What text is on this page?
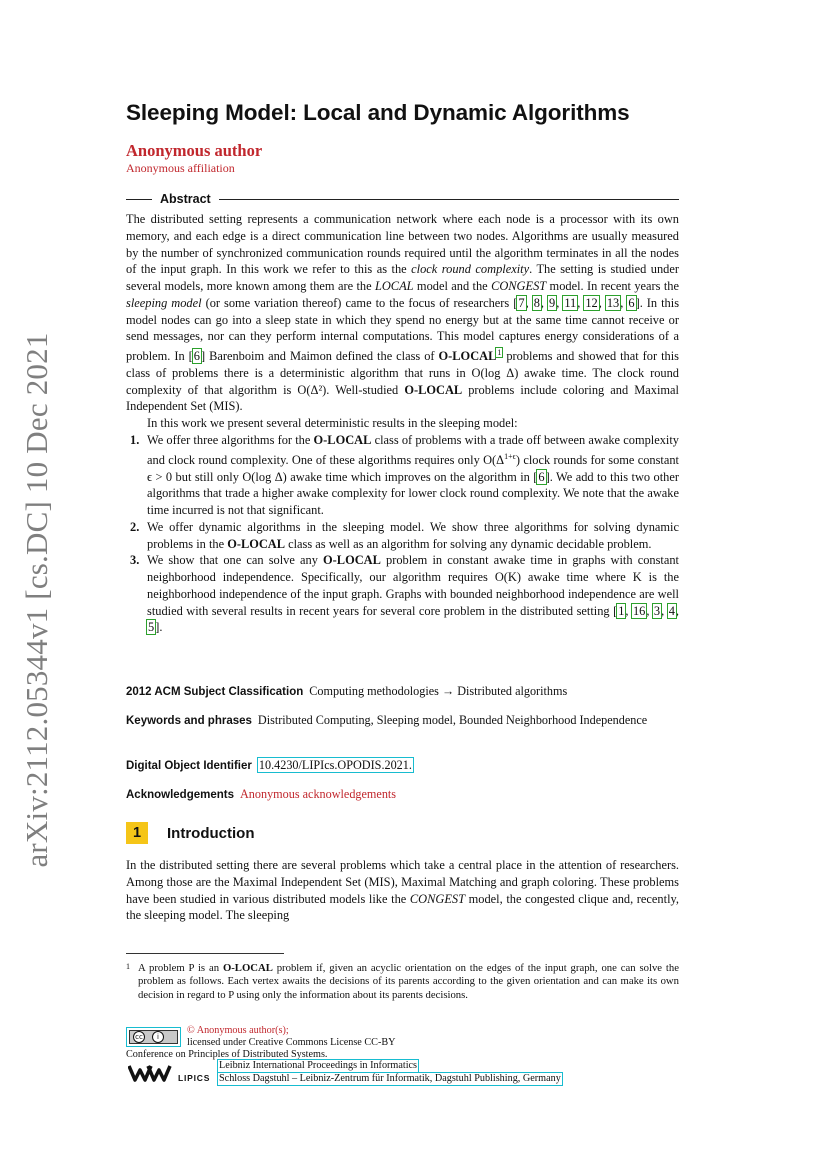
arXiv:2112.05344v1 [cs.DC] 10 Dec 2021
Sleeping Model: Local and Dynamic Algorithms
Anonymous author
Anonymous affiliation
Abstract

The distributed setting represents a communication network where each node is a processor with its own memory, and each edge is a direct communication line between two nodes. Algorithms are usually measured by the number of synchronized communication rounds required until the algorithm terminates in all the nodes of the input graph. In this work we refer to this as the clock round complexity. The setting is studied under several models, more known among them are the LOCAL model and the CONGEST model. In recent years the sleeping model (or some variation thereof) came to the focus of researchers [7, 8, 9, 11, 12, 13, 6]. In this model nodes can go into a sleep state in which they spend no energy but at the same time cannot receive or send messages, nor can they perform internal computations. This model captures energy considerations of a problem. In [6] Barenboim and Maimon defined the class of O-LOCAL$^1$ problems and showed that for this class of problems there is a deterministic algorithm that runs in O(log Δ) awake time. The clock round complexity of that algorithm is O(Δ²). Well-studied O-LOCAL problems include coloring and Maximal Independent Set (MIS).

In this work we present several deterministic results in the sleeping model:

1. We offer three algorithms for the O-LOCAL class of problems with a trade off between awake complexity and clock round complexity. One of these algorithms requires only $O(\Delta^{1+\epsilon})$ clock rounds for some constant ϵ > 0 but still only O(log Δ) awake time which improves on the algorithm in [6]. We add to this two other algorithms that trade a higher awake complexity for lower clock round complexity. We note that the awake time incurred is not that significant.
2. We offer dynamic algorithms in the sleeping model. We show three algorithms for solving dynamic problems in the O-LOCAL class as well as an algorithm for solving any dynamic decidable problem.
3. We show that one can solve any O-LOCAL problem in constant awake time in graphs with constant neighborhood independence. Specifically, our algorithm requires O(K) awake time where K is the neighborhood independence of the input graph. Graphs with bounded neighborhood independence are well studied with several results in recent years for several core problem in the distributed setting [1, 16, 3, 4, 5].
2012 ACM Subject Classification Computing methodologies → Distributed algorithms
Keywords and phrases Distributed Computing, Sleeping model, Bounded Neighborhood Independence
Digital Object Identifier 10.4230/LIPIcs.OPODIS.2021.
Acknowledgements Anonymous acknowledgements
1	Introduction
In the distributed setting there are several problems which take a central place in the attention of researchers. Among those are the Maximal Independent Set (MIS), Maximal Matching and graph coloring. These problems have been studied in various distributed models like the CONGEST model, the congested clique and, recently, the sleeping model. The sleeping
1 A problem P is an O-LOCAL problem if, given an acyclic orientation on the edges of the input graph, one can solve the problem as follows. Each vertex awaits the decisions of its parents according to the given orientation and can make its own decision in regard to P using only the information about its parents decisions.
cc	i
© Anonymous author(s);
licensed under Creative Commons License CC-BY
Conference on Principles of Distributed Systems.
LIPICS
Leibniz International Proceedings in Informatics
Schloss Dagstuhl – Leibniz-Zentrum für Informatik, Dagstuhl Publishing, Germany
